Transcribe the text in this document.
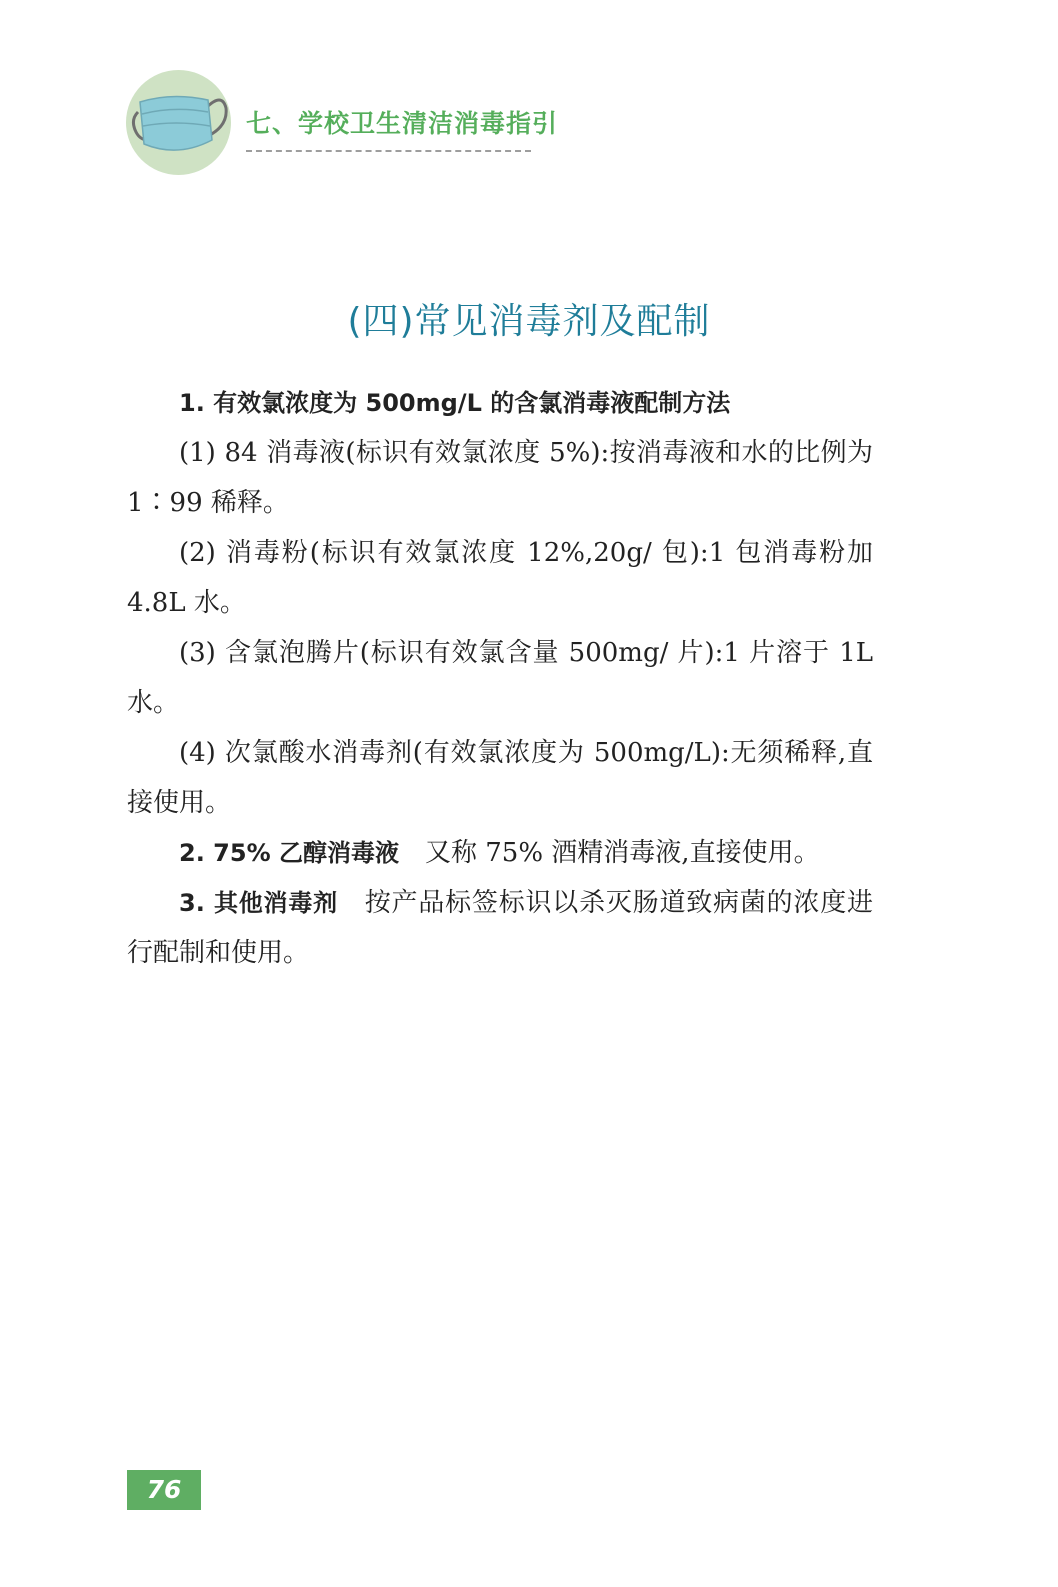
七、学校卫生清洁消毒指引
(四)常见消毒剂及配制

1. 有效氯浓度为 500mg/L 的含氯消毒液配制方法

(1) 84 消毒液(标识有效氯浓度 5%):按消毒液和水的比例为 1∶99 稀释。

(2) 消毒粉(标识有效氯浓度 12%,20g/ 包):1 包消毒粉加 4.8L 水。

(3) 含氯泡腾片(标识有效氯含量 500mg/ 片):1 片溶于 1L 水。

(4) 次氯酸水消毒剂(有效氯浓度为 500mg/L):无须稀释,直接使用。

2. 75% 乙醇消毒液 又称 75% 酒精消毒液,直接使用。

3. 其他消毒剂 按产品标签标识以杀灭肠道致病菌的浓度进行配制和使用。

76
